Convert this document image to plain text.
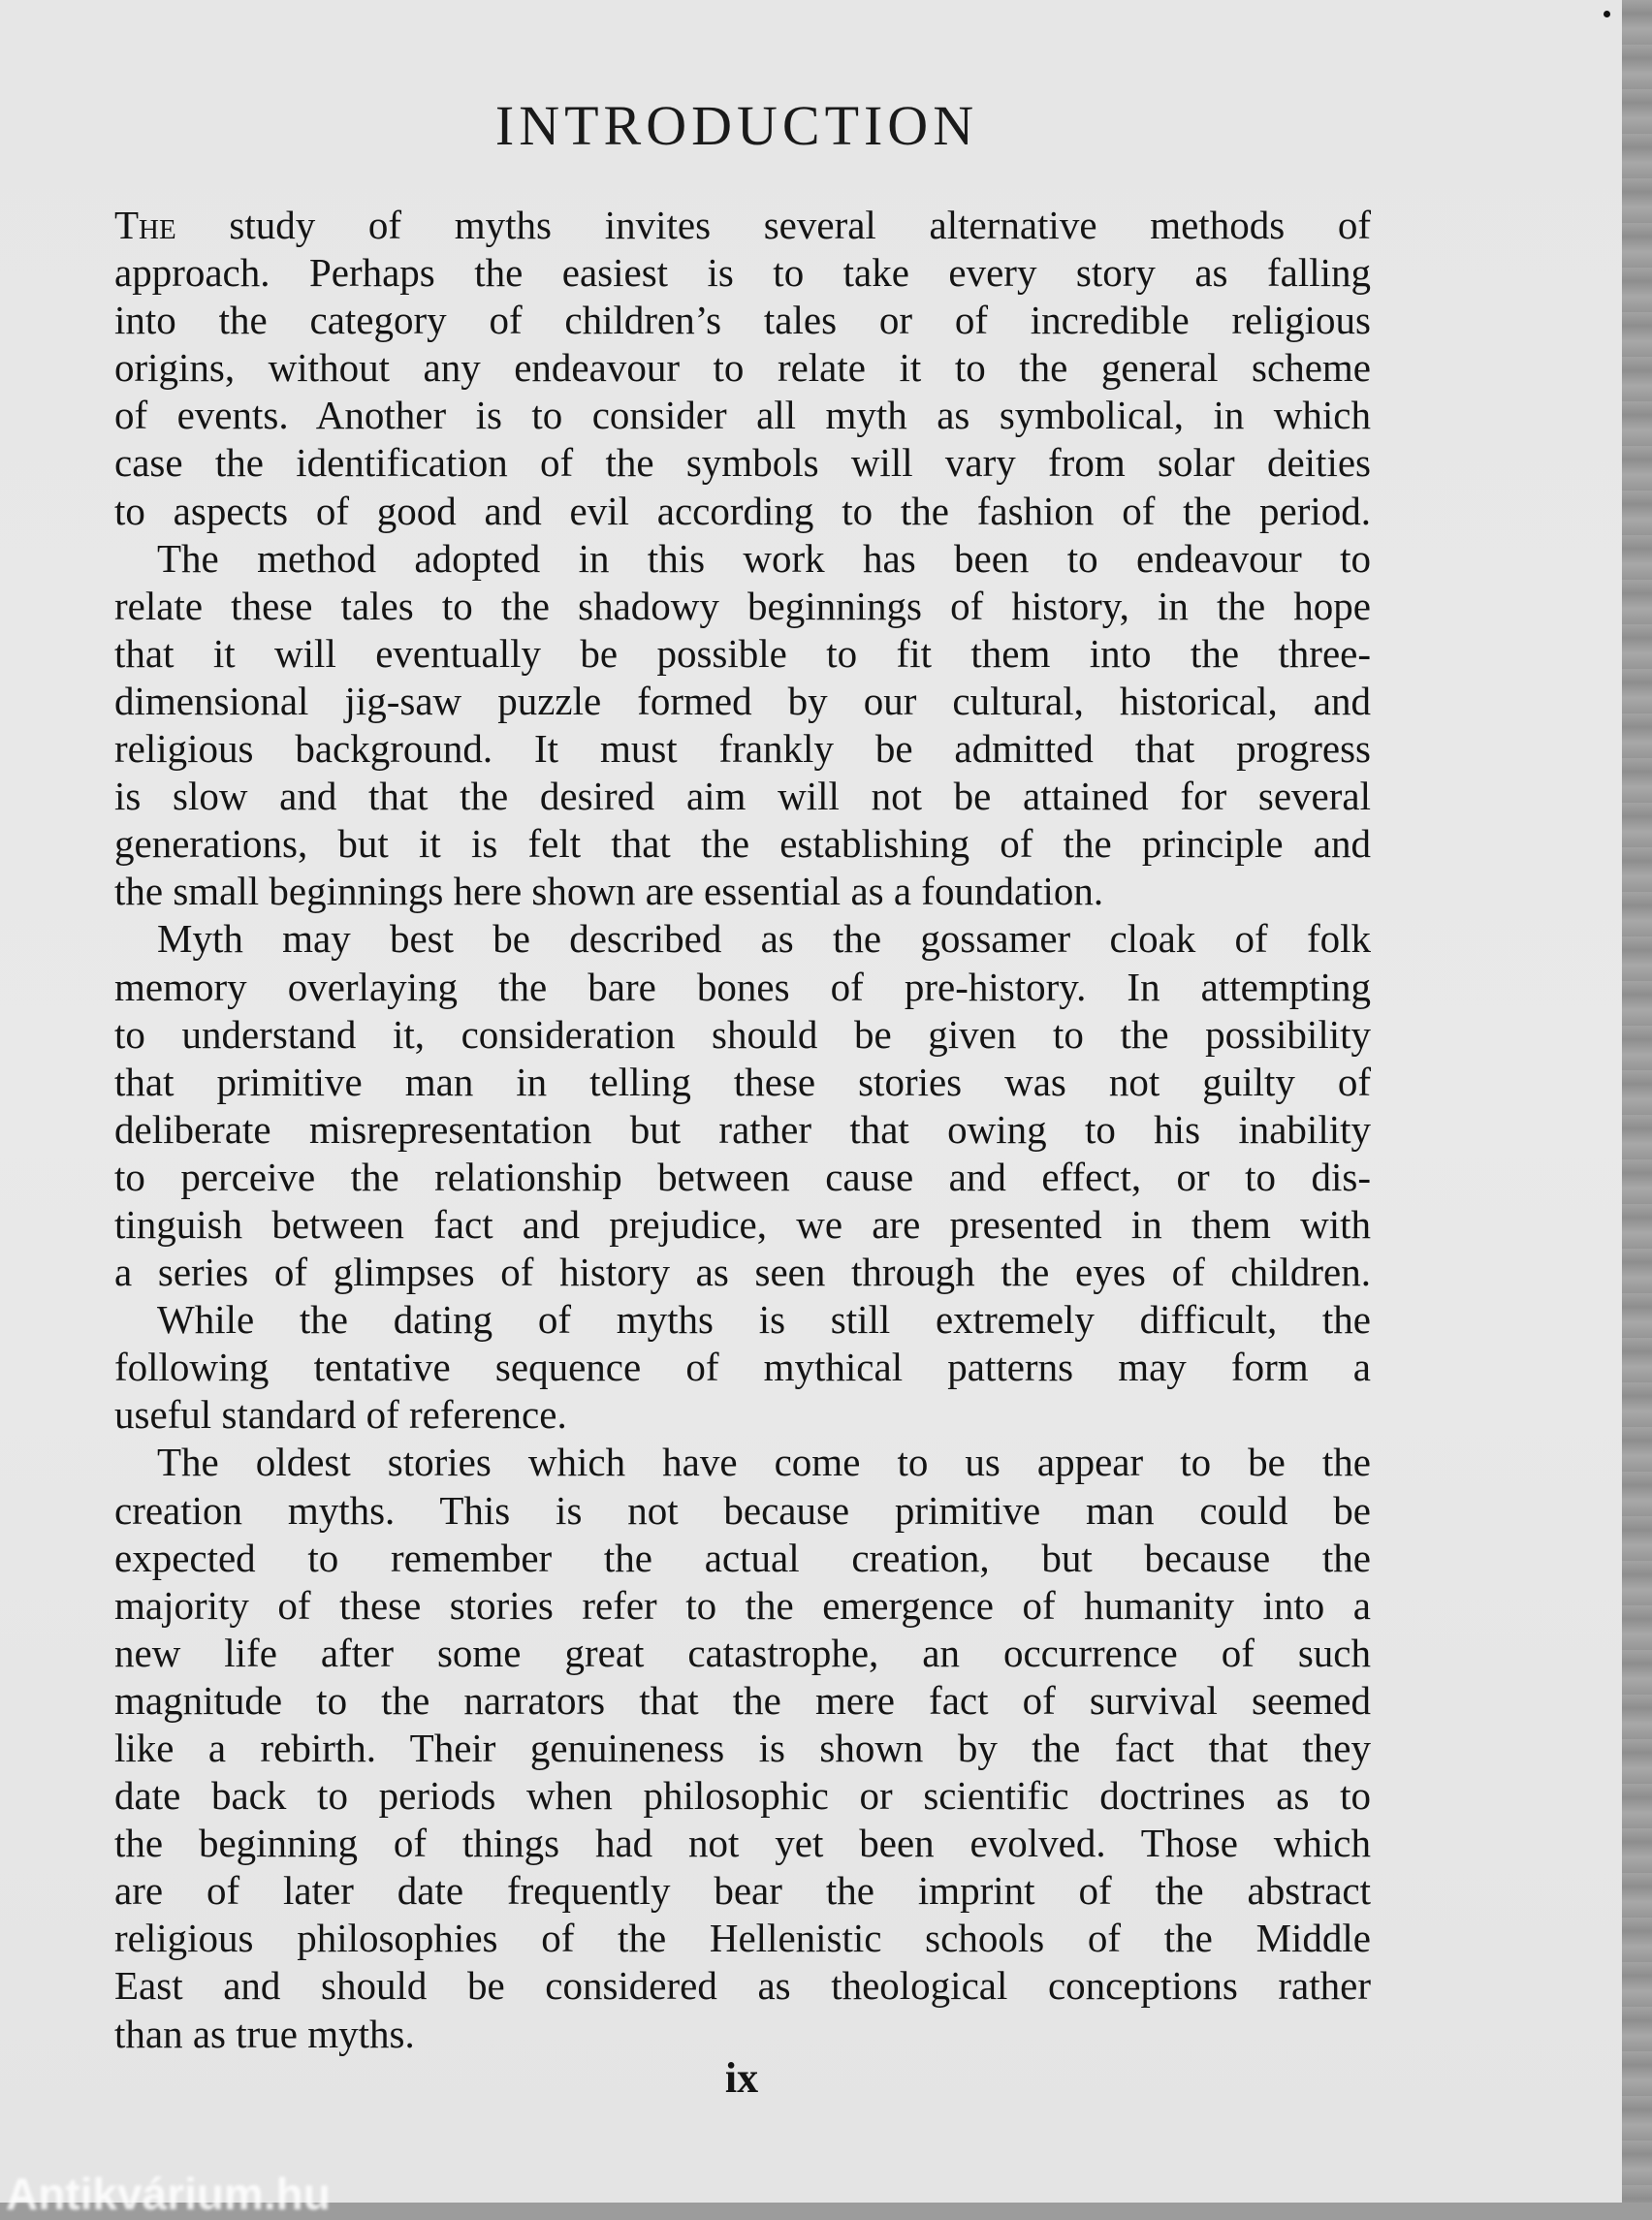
INTRODUCTION
The study of myths invites several alternative methods of
approach. Perhaps the easiest is to take every story as falling
into the category of children’s tales or of incredible religious
origins, without any endeavour to relate it to the general scheme
of events. Another is to consider all myth as symbolical, in which
case the identification of the symbols will vary from solar deities
to aspects of good and evil according to the fashion of the period.
The method adopted in this work has been to endeavour to
relate these tales to the shadowy beginnings of history, in the hope
that it will eventually be possible to fit them into the three-
dimensional jig-saw puzzle formed by our cultural, historical, and
religious background. It must frankly be admitted that progress
is slow and that the desired aim will not be attained for several
generations, but it is felt that the establishing of the principle and
the small beginnings here shown are essential as a foundation.
Myth may best be described as the gossamer cloak of folk
memory overlaying the bare bones of pre-history. In attempting
to understand it, consideration should be given to the possibility
that primitive man in telling these stories was not guilty of
deliberate misrepresentation but rather that owing to his inability
to perceive the relationship between cause and effect, or to dis-
tinguish between fact and prejudice, we are presented in them with
a series of glimpses of history as seen through the eyes of children.
While the dating of myths is still extremely difficult, the
following tentative sequence of mythical patterns may form a
useful standard of reference.
The oldest stories which have come to us appear to be the
creation myths. This is not because primitive man could be
expected to remember the actual creation, but because the
majority of these stories refer to the emergence of humanity into a
new life after some great catastrophe, an occurrence of such
magnitude to the narrators that the mere fact of survival seemed
like a rebirth. Their genuineness is shown by the fact that they
date back to periods when philosophic or scientific doctrines as to
the beginning of things had not yet been evolved. Those which
are of later date frequently bear the imprint of the abstract
religious philosophies of the Hellenistic schools of the Middle
East and should be considered as theological conceptions rather
than as true myths.
ix
Antikvárium.hu
